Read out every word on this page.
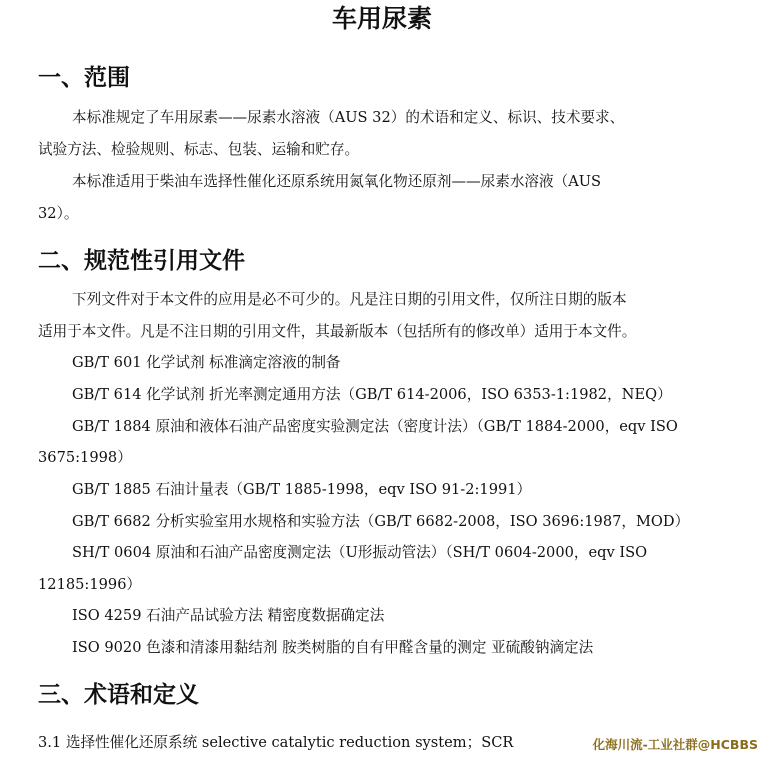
车用尿素
一、范围
本标准规定了车用尿素——尿素水溶液（AUS 32）的术语和定义、标识、技术要求、
试验方法、检验规则、标志、包装、运输和贮存。
本标准适用于柴油车选择性催化还原系统用氮氧化物还原剂——尿素水溶液（AUS
32）。
二、规范性引用文件
下列文件对于本文件的应用是必不可少的。凡是注日期的引用文件，仅所注日期的版本
适用于本文件。凡是不注日期的引用文件，其最新版本（包括所有的修改单）适用于本文件。
GB/T 601 化学试剂 标准滴定溶液的制备
GB/T 614 化学试剂 折光率测定通用方法（GB/T 614-2006，ISO 6353-1:1982，NEQ）
GB/T 1884 原油和液体石油产品密度实验测定法（密度计法）（GB/T 1884-2000，eqv ISO
3675:1998）
GB/T 1885 石油计量表（GB/T 1885-1998，eqv ISO 91-2:1991）
GB/T 6682 分析实验室用水规格和实验方法（GB/T 6682-2008，ISO 3696:1987，MOD）
SH/T 0604 原油和石油产品密度测定法（U形振动管法）（SH/T 0604-2000，eqv ISO
12185:1996）
ISO 4259 石油产品试验方法 精密度数据确定法
ISO 9020 色漆和清漆用黏结剂 胺类树脂的自有甲醛含量的测定 亚硫酸钠滴定法
三、术语和定义
3.1 选择性催化还原系统 selective catalytic reduction system；SCR	化海川流-工业社群@HCBBS
